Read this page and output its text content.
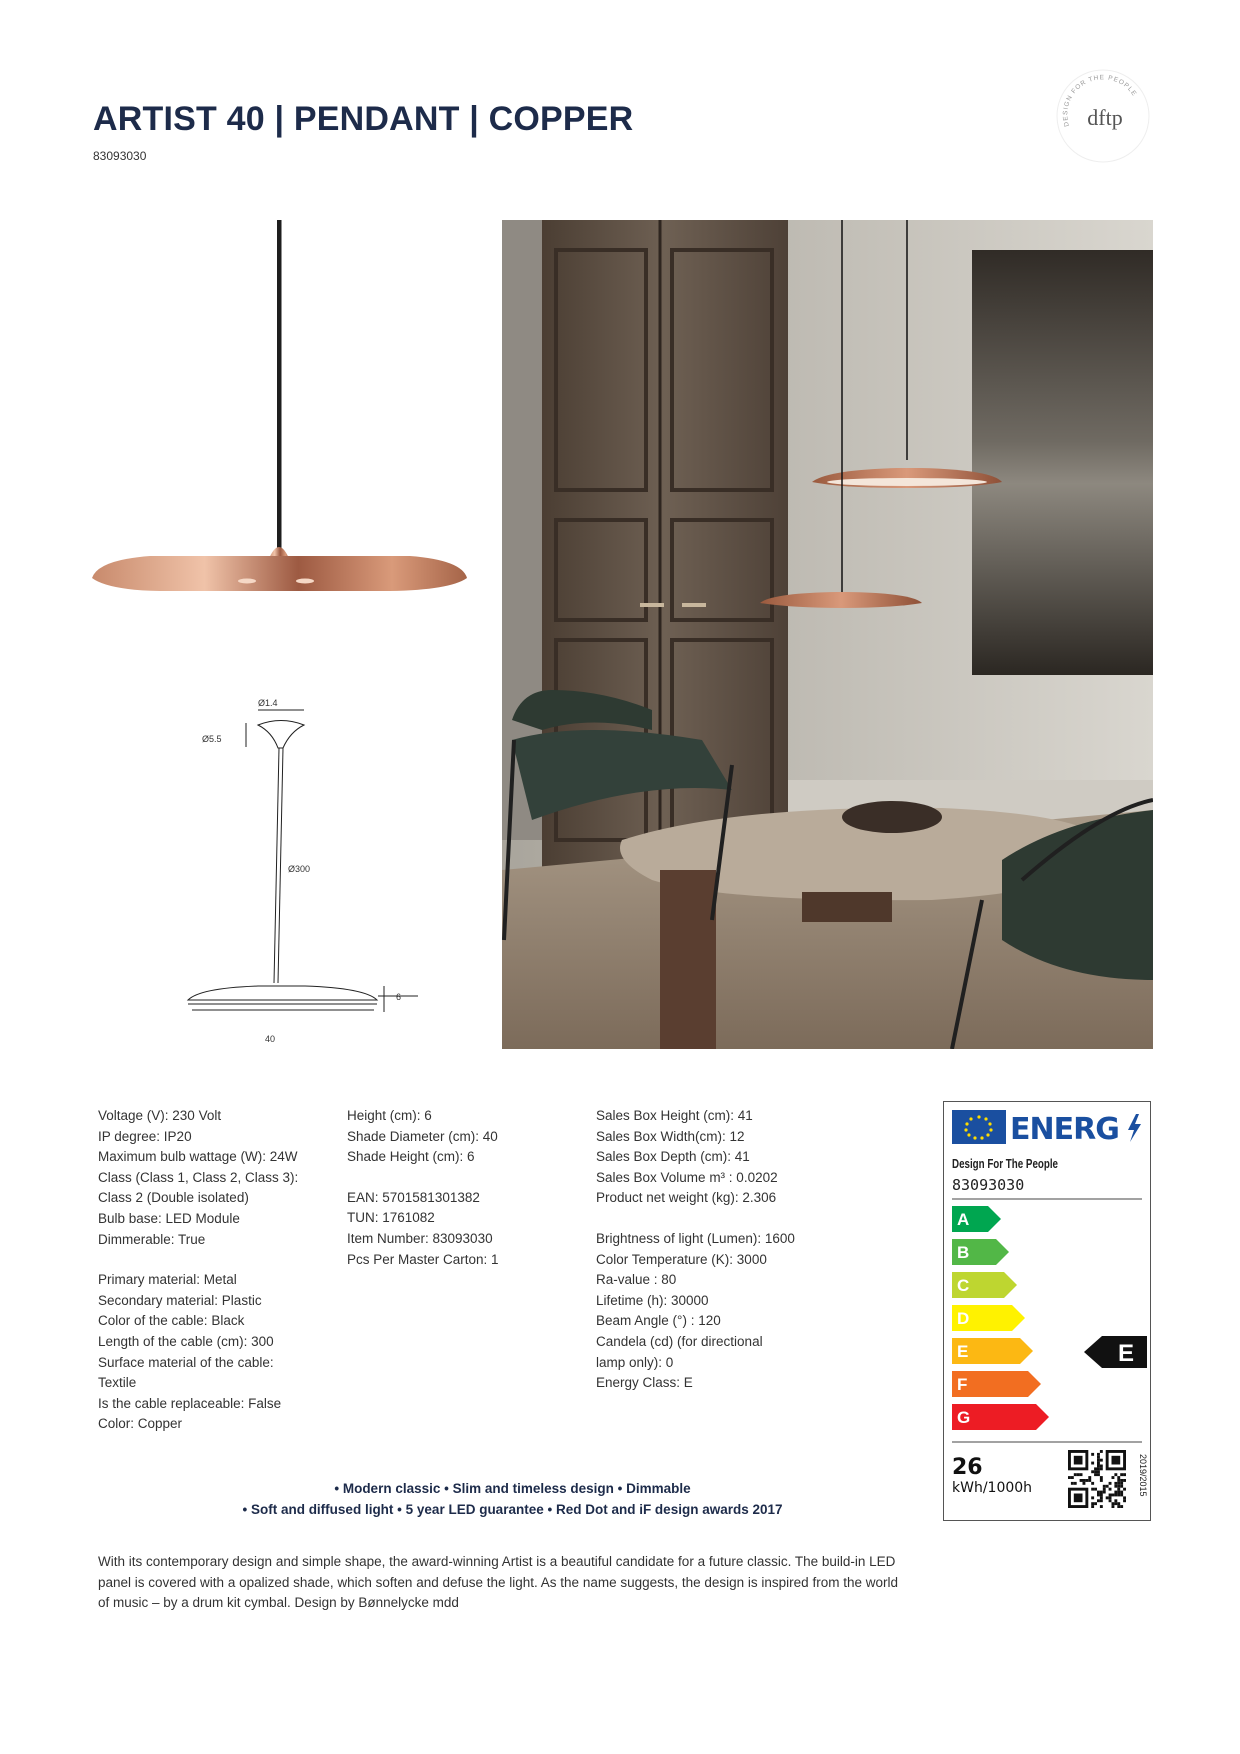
ARTIST 40 | PENDANT | COPPER
83093030
DESIGN FOR THE PEOPLE
dftp
Ø1.4
Ø5.5
Ø300
6
40
Voltage (V): 230 Volt
IP degree: IP20
Maximum bulb wattage (W): 24W
Class (Class 1, Class 2, Class 3):
Class 2 (Double isolated)
Bulb base: LED Module
Dimmerable: True
Primary material: Metal
Secondary material: Plastic
Color of the cable: Black
Length of the cable (cm): 300
Surface material of the cable:
Textile
Is the cable replaceable: False
Color: Copper
Height (cm): 6
Shade Diameter (cm): 40
Shade Height (cm): 6
EAN: 5701581301382
TUN: 1761082
Item Number: 83093030
Pcs Per Master Carton: 1
Sales Box Height (cm): 41
Sales Box Width(cm): 12
Sales Box Depth (cm): 41
Sales Box Volume m³ : 0.0202
Product net weight (kg): 2.306
Brightness of light (Lumen): 1600
Color Temperature (K): 3000
Ra-value : 80
Lifetime (h): 30000
Beam Angle (°) : 120
Candela (cd) (for directional
lamp only): 0
Energy Class: E
• Modern classic • Slim and timeless design • Dimmable
• Soft and diffused light • 5 year LED guarantee • Red Dot and iF design awards 2017
With its contemporary design and simple shape, the award-winning Artist is a beautiful candidate for a future classic. The build-in LED panel is covered with a opalized shade, which soften and defuse the light. As the name suggests, the design is inspired from the world of music – by a drum kit cymbal. Design by Bønnelycke mdd
ENERG
Design For The People
83093030
A
B
C
D
E
F
G
E
26
kWh/1000h	2019/2015
